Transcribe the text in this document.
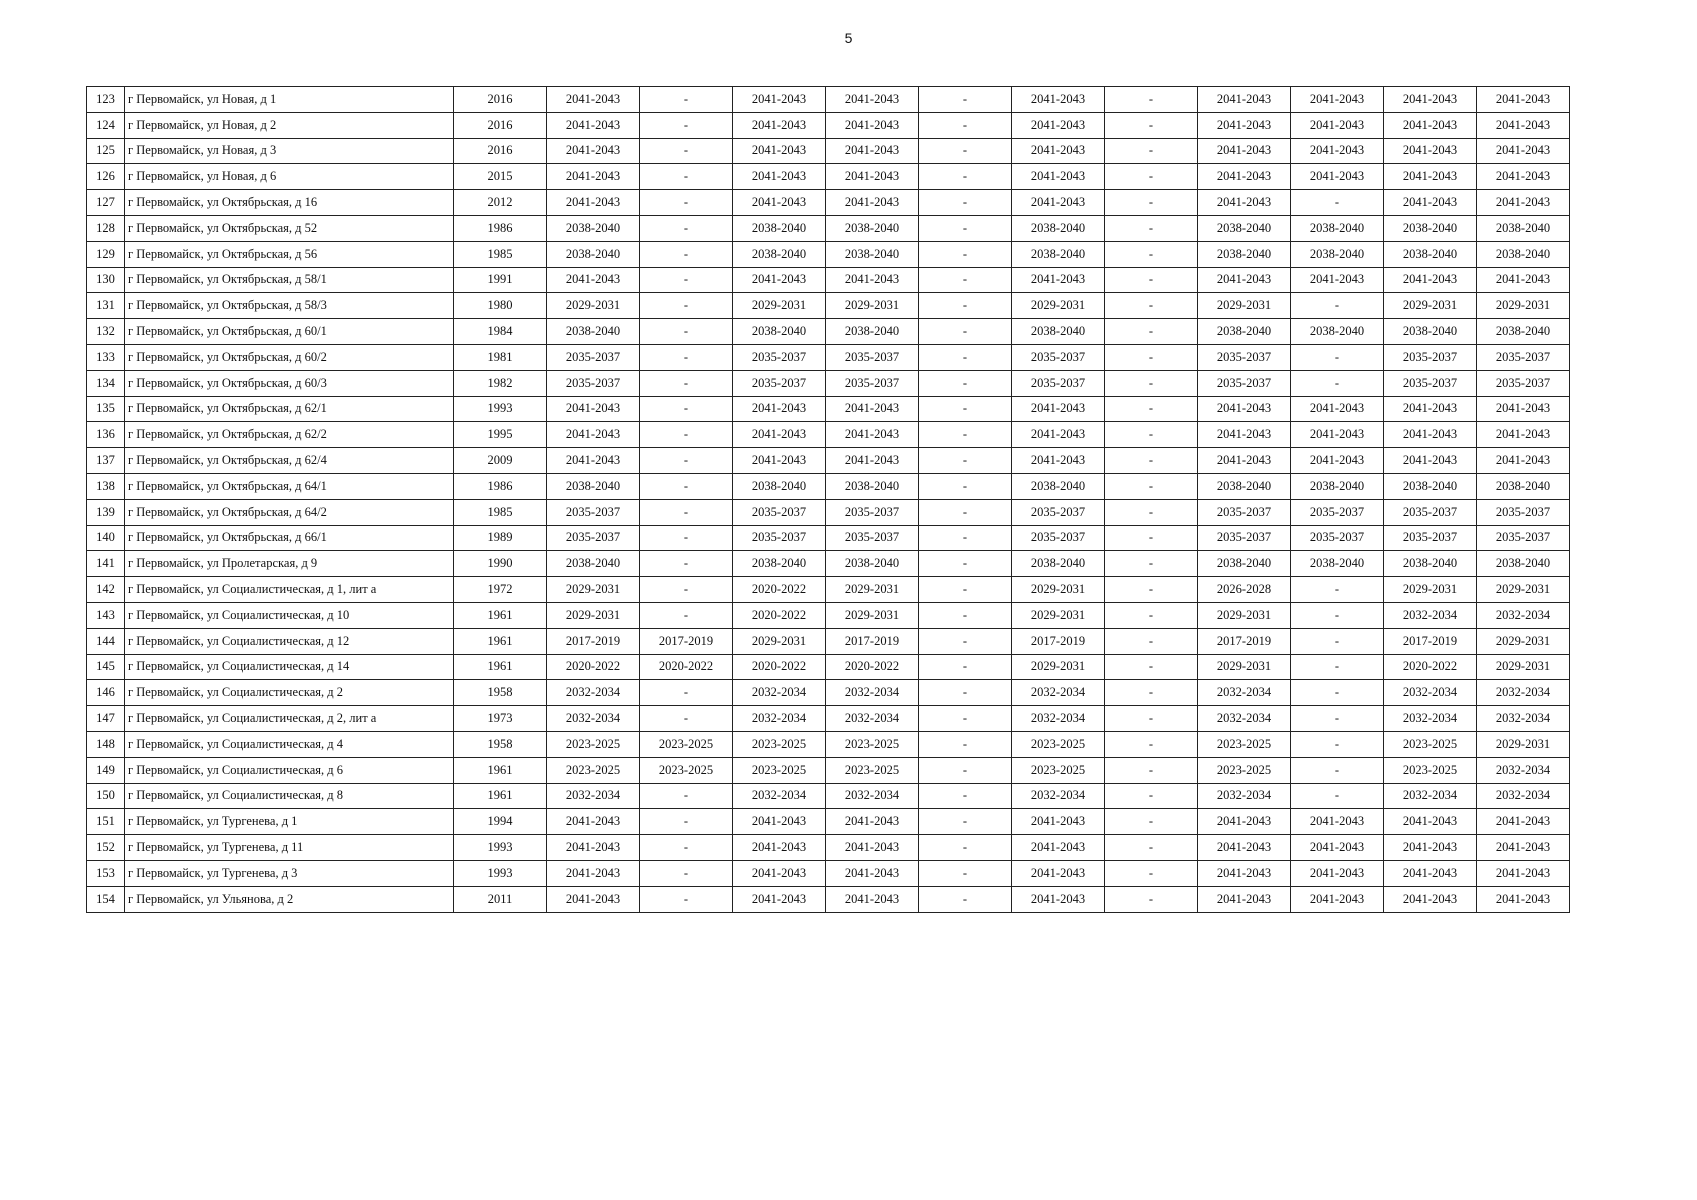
5
123	г Первомайск, ул Новая, д 1	2016	2041-2043	-	2041-2043	2041-2043	-	2041-2043	-	2041-2043	2041-2043	2041-2043	2041-2043
124	г Первомайск, ул Новая, д 2	2016	2041-2043	-	2041-2043	2041-2043	-	2041-2043	-	2041-2043	2041-2043	2041-2043	2041-2043
125	г Первомайск, ул Новая, д 3	2016	2041-2043	-	2041-2043	2041-2043	-	2041-2043	-	2041-2043	2041-2043	2041-2043	2041-2043
126	г Первомайск, ул Новая, д 6	2015	2041-2043	-	2041-2043	2041-2043	-	2041-2043	-	2041-2043	2041-2043	2041-2043	2041-2043
127	г Первомайск, ул Октябрьская, д 16	2012	2041-2043	-	2041-2043	2041-2043	-	2041-2043	-	2041-2043	-	2041-2043	2041-2043
128	г Первомайск, ул Октябрьская, д 52	1986	2038-2040	-	2038-2040	2038-2040	-	2038-2040	-	2038-2040	2038-2040	2038-2040	2038-2040
129	г Первомайск, ул Октябрьская, д 56	1985	2038-2040	-	2038-2040	2038-2040	-	2038-2040	-	2038-2040	2038-2040	2038-2040	2038-2040
130	г Первомайск, ул Октябрьская, д 58/1	1991	2041-2043	-	2041-2043	2041-2043	-	2041-2043	-	2041-2043	2041-2043	2041-2043	2041-2043
131	г Первомайск, ул Октябрьская, д 58/3	1980	2029-2031	-	2029-2031	2029-2031	-	2029-2031	-	2029-2031	-	2029-2031	2029-2031
132	г Первомайск, ул Октябрьская, д 60/1	1984	2038-2040	-	2038-2040	2038-2040	-	2038-2040	-	2038-2040	2038-2040	2038-2040	2038-2040
133	г Первомайск, ул Октябрьская, д 60/2	1981	2035-2037	-	2035-2037	2035-2037	-	2035-2037	-	2035-2037	-	2035-2037	2035-2037
134	г Первомайск, ул Октябрьская, д 60/3	1982	2035-2037	-	2035-2037	2035-2037	-	2035-2037	-	2035-2037	-	2035-2037	2035-2037
135	г Первомайск, ул Октябрьская, д 62/1	1993	2041-2043	-	2041-2043	2041-2043	-	2041-2043	-	2041-2043	2041-2043	2041-2043	2041-2043
136	г Первомайск, ул Октябрьская, д 62/2	1995	2041-2043	-	2041-2043	2041-2043	-	2041-2043	-	2041-2043	2041-2043	2041-2043	2041-2043
137	г Первомайск, ул Октябрьская, д 62/4	2009	2041-2043	-	2041-2043	2041-2043	-	2041-2043	-	2041-2043	2041-2043	2041-2043	2041-2043
138	г Первомайск, ул Октябрьская, д 64/1	1986	2038-2040	-	2038-2040	2038-2040	-	2038-2040	-	2038-2040	2038-2040	2038-2040	2038-2040
139	г Первомайск, ул Октябрьская, д 64/2	1985	2035-2037	-	2035-2037	2035-2037	-	2035-2037	-	2035-2037	2035-2037	2035-2037	2035-2037
140	г Первомайск, ул Октябрьская, д 66/1	1989	2035-2037	-	2035-2037	2035-2037	-	2035-2037	-	2035-2037	2035-2037	2035-2037	2035-2037
141	г Первомайск, ул Пролетарская, д 9	1990	2038-2040	-	2038-2040	2038-2040	-	2038-2040	-	2038-2040	2038-2040	2038-2040	2038-2040
142	г Первомайск, ул Социалистическая, д 1, лит а	1972	2029-2031	-	2020-2022	2029-2031	-	2029-2031	-	2026-2028	-	2029-2031	2029-2031
143	г Первомайск, ул Социалистическая, д 10	1961	2029-2031	-	2020-2022	2029-2031	-	2029-2031	-	2029-2031	-	2032-2034	2032-2034
144	г Первомайск, ул Социалистическая, д 12	1961	2017-2019	2017-2019	2029-2031	2017-2019	-	2017-2019	-	2017-2019	-	2017-2019	2029-2031
145	г Первомайск, ул Социалистическая, д 14	1961	2020-2022	2020-2022	2020-2022	2020-2022	-	2029-2031	-	2029-2031	-	2020-2022	2029-2031
146	г Первомайск, ул Социалистическая, д 2	1958	2032-2034	-	2032-2034	2032-2034	-	2032-2034	-	2032-2034	-	2032-2034	2032-2034
147	г Первомайск, ул Социалистическая, д 2, лит а	1973	2032-2034	-	2032-2034	2032-2034	-	2032-2034	-	2032-2034	-	2032-2034	2032-2034
148	г Первомайск, ул Социалистическая, д 4	1958	2023-2025	2023-2025	2023-2025	2023-2025	-	2023-2025	-	2023-2025	-	2023-2025	2029-2031
149	г Первомайск, ул Социалистическая, д 6	1961	2023-2025	2023-2025	2023-2025	2023-2025	-	2023-2025	-	2023-2025	-	2023-2025	2032-2034
150	г Первомайск, ул Социалистическая, д 8	1961	2032-2034	-	2032-2034	2032-2034	-	2032-2034	-	2032-2034	-	2032-2034	2032-2034
151	г Первомайск, ул Тургенева, д 1	1994	2041-2043	-	2041-2043	2041-2043	-	2041-2043	-	2041-2043	2041-2043	2041-2043	2041-2043
152	г Первомайск, ул Тургенева, д 11	1993	2041-2043	-	2041-2043	2041-2043	-	2041-2043	-	2041-2043	2041-2043	2041-2043	2041-2043
153	г Первомайск, ул Тургенева, д 3	1993	2041-2043	-	2041-2043	2041-2043	-	2041-2043	-	2041-2043	2041-2043	2041-2043	2041-2043
154	г Первомайск, ул Ульянова, д 2	2011	2041-2043	-	2041-2043	2041-2043	-	2041-2043	-	2041-2043	2041-2043	2041-2043	2041-2043
